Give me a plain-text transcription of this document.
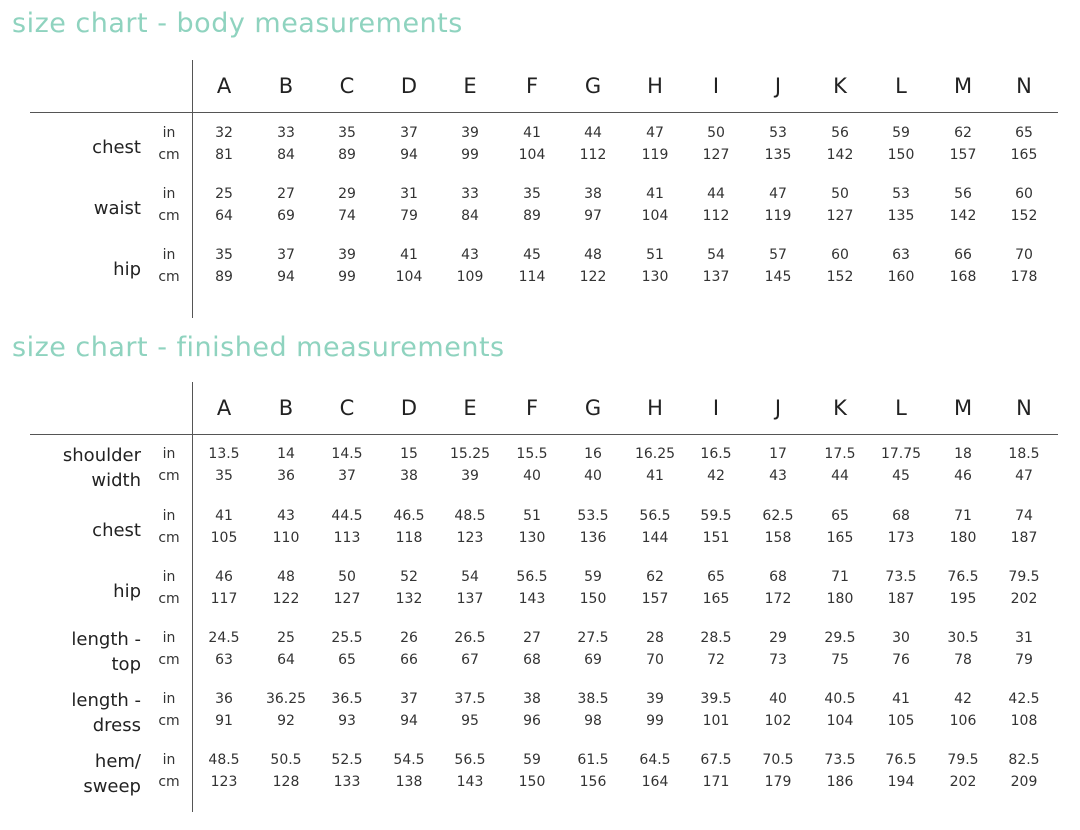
size chart - body measurements
A	B	C	D	E	F	G	H	I	J	K	L	M	N
chest
in	32	33	35	37	39	41	44	47	50	53	56	59	62	65
cm	81	84	89	94	99	104	112	119	127	135	142	150	157	165
waist
in	25	27	29	31	33	35	38	41	44	47	50	53	56	60
cm	64	69	74	79	84	89	97	104	112	119	127	135	142	152
hip
in	35	37	39	41	43	45	48	51	54	57	60	63	66	70
cm	89	94	99	104	109	114	122	130	137	145	152	160	168	178
size chart - finished measurements
A	B	C	D	E	F	G	H	I	J	K	L	M	N
shoulder
width
in	13.5	14	14.5	15	15.25	15.5	16	16.25	16.5	17	17.5	17.75	18	18.5
cm	35	36	37	38	39	40	40	41	42	43	44	45	46	47
chest
in	41	43	44.5	46.5	48.5	51	53.5	56.5	59.5	62.5	65	68	71	74
cm	105	110	113	118	123	130	136	144	151	158	165	173	180	187
hip
in	46	48	50	52	54	56.5	59	62	65	68	71	73.5	76.5	79.5
cm	117	122	127	132	137	143	150	157	165	172	180	187	195	202
length -
top
in	24.5	25	25.5	26	26.5	27	27.5	28	28.5	29	29.5	30	30.5	31
cm	63	64	65	66	67	68	69	70	72	73	75	76	78	79
length -
dress
in	36	36.25	36.5	37	37.5	38	38.5	39	39.5	40	40.5	41	42	42.5
cm	91	92	93	94	95	96	98	99	101	102	104	105	106	108
hem/
sweep
in	48.5	50.5	52.5	54.5	56.5	59	61.5	64.5	67.5	70.5	73.5	76.5	79.5	82.5
cm	123	128	133	138	143	150	156	164	171	179	186	194	202	209
